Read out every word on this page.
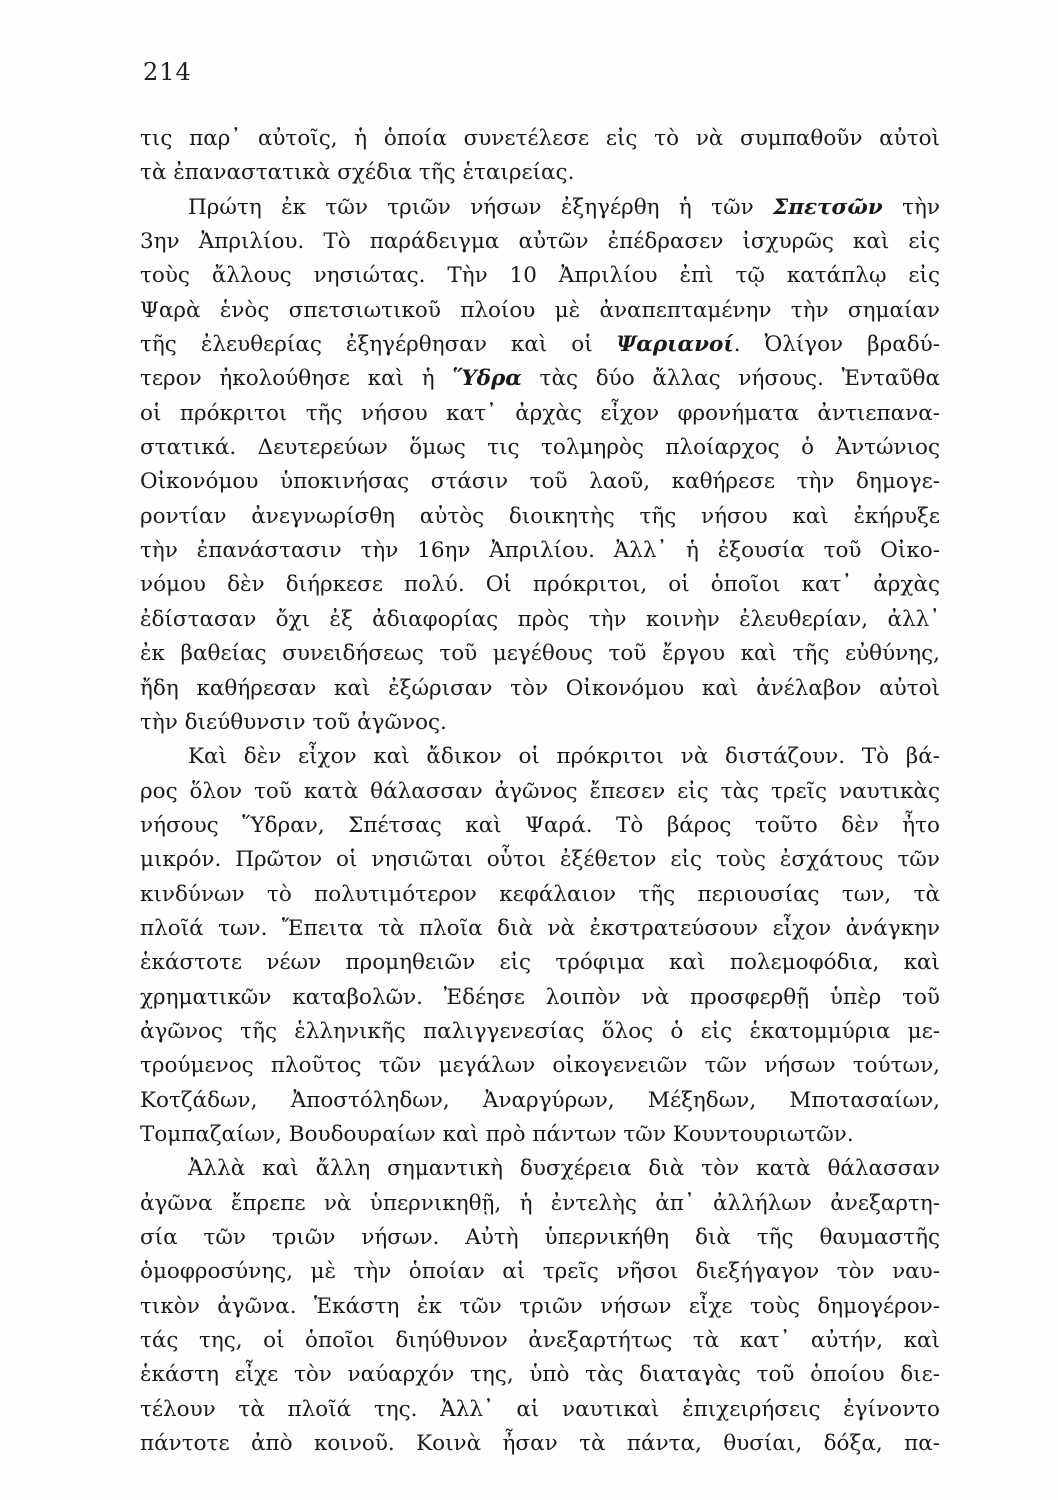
214
τις παρ᾽ αὐτοῖς, ἡ ὁποία συνετέλεσε εἰς τὸ νὰ συμπαθοῦν αὐτοὶ
τὰ ἐπαναστατικὰ σχέδια τῆς ἑταιρείας.
Πρώτη ἐκ τῶν τριῶν νήσων ἐξηγέρθη ἡ τῶν Σπετσῶν τὴν
3ην Ἀπριλίου. Τὸ παράδειγμα αὐτῶν ἐπέδρασεν ἰσχυρῶς καὶ εἰς
τοὺς ἄλλους νησιώτας. Τὴν 10 Ἀπριλίου ἐπὶ τῷ κατάπλῳ εἰς
Ψαρὰ ἑνὸς σπετσιωτικοῦ πλοίου μὲ ἀναπεπταμένην τὴν σημαίαν
τῆς ἐλευθερίας ἐξηγέρθησαν καὶ οἱ Ψαριανοί. Ὀλίγον βραδύ-
τερον ἠκολούθησε καὶ ἡ Ὕδρα τὰς δύο ἄλλας νήσους. Ἐνταῦθα
οἱ πρόκριτοι τῆς νήσου κατ᾽ ἀρχὰς εἶχον φρονήματα ἀντιεπανα-
στατικά. Δευτερεύων ὅμως τις τολμηρὸς πλοίαρχος ὁ Ἀντώνιος
Οἰκονόμου ὑποκινήσας στάσιν τοῦ λαοῦ, καθήρεσε τὴν δημογε-
ροντίαν ἀνεγνωρίσθη αὐτὸς διοικητὴς τῆς νήσου καὶ ἐκήρυξε
τὴν ἐπανάστασιν τὴν 16ην Ἀπριλίου. Ἀλλ᾽ ἡ ἐξουσία τοῦ Οἰκο-
νόμου δὲν διήρκεσε πολύ. Οἱ πρόκριτοι, οἱ ὁποῖοι κατ᾽ ἀρχὰς
ἐδίστασαν ὄχι ἐξ ἀδιαφορίας πρὸς τὴν κοινὴν ἐλευθερίαν, ἀλλ᾽
ἐκ βαθείας συνειδήσεως τοῦ μεγέθους τοῦ ἔργου καὶ τῆς εὐθύνης,
ἤδη καθήρεσαν καὶ ἐξώρισαν τὸν Οἰκονόμου καὶ ἀνέλαβον αὐτοὶ
τὴν διεύθυνσιν τοῦ ἀγῶνος.
Καὶ δὲν εἶχον καὶ ἄδικον οἱ πρόκριτοι νὰ διστάζουν. Τὸ βά-
ρος ὅλον τοῦ κατὰ θάλασσαν ἀγῶνος ἔπεσεν εἰς τὰς τρεῖς ναυτικὰς
νήσους Ὕδραν, Σπέτσας καὶ Ψαρά. Τὸ βάρος τοῦτο δὲν ἦτο
μικρόν. Πρῶτον οἱ νησιῶται οὗτοι ἐξέθετον εἰς τοὺς ἐσχάτους τῶν
κινδύνων τὸ πολυτιμότερον κεφάλαιον τῆς περιουσίας των, τὰ
πλοῖά των. Ἔπειτα τὰ πλοῖα διὰ νὰ ἐκστρατεύσουν εἶχον ἀνάγκην
ἑκάστοτε νέων προμηθειῶν εἰς τρόφιμα καὶ πολεμοφόδια, καὶ
χρηματικῶν καταβολῶν. Ἐδέησε λοιπὸν νὰ προσφερθῇ ὑπὲρ τοῦ
ἀγῶνος τῆς ἑλληνικῆς παλιγγενεσίας ὅλος ὁ εἰς ἑκατομμύρια με-
τρούμενος πλοῦτος τῶν μεγάλων οἰκογενειῶν τῶν νήσων τούτων,
Κοτζάδων, Ἀποστόληδων, Ἀναργύρων, Μέξηδων, Μποτασαίων,
Τομπαζαίων, Βουδουραίων καὶ πρὸ πάντων τῶν Κουντουριωτῶν.
Ἀλλὰ καὶ ἄλλη σημαντικὴ δυσχέρεια διὰ τὸν κατὰ θάλασσαν
ἀγῶνα ἔπρεπε νὰ ὑπερνικηθῇ, ἡ ἐντελὴς ἀπ᾽ ἀλλήλων ἀνεξαρτη-
σία τῶν τριῶν νήσων. Αὐτὴ ὑπερνικήθη διὰ τῆς θαυμαστῆς
ὁμοφροσύνης, μὲ τὴν ὁποίαν αἱ τρεῖς νῆσοι διεξήγαγον τὸν ναυ-
τικὸν ἀγῶνα. Ἑκάστη ἐκ τῶν τριῶν νήσων εἶχε τοὺς δημογέρον-
τάς της, οἱ ὁποῖοι διηύθυνον ἀνεξαρτήτως τὰ κατ᾽ αὐτήν, καὶ
ἑκάστη εἶχε τὸν ναύαρχόν της, ὑπὸ τὰς διαταγὰς τοῦ ὁποίου διε-
τέλουν τὰ πλοῖά της. Ἀλλ᾽ αἱ ναυτικαὶ ἐπιχειρήσεις ἐγίνοντο
πάντοτε ἀπὸ κοινοῦ. Κοινὰ ἦσαν τὰ πάντα, θυσίαι, δόξα, πα-
